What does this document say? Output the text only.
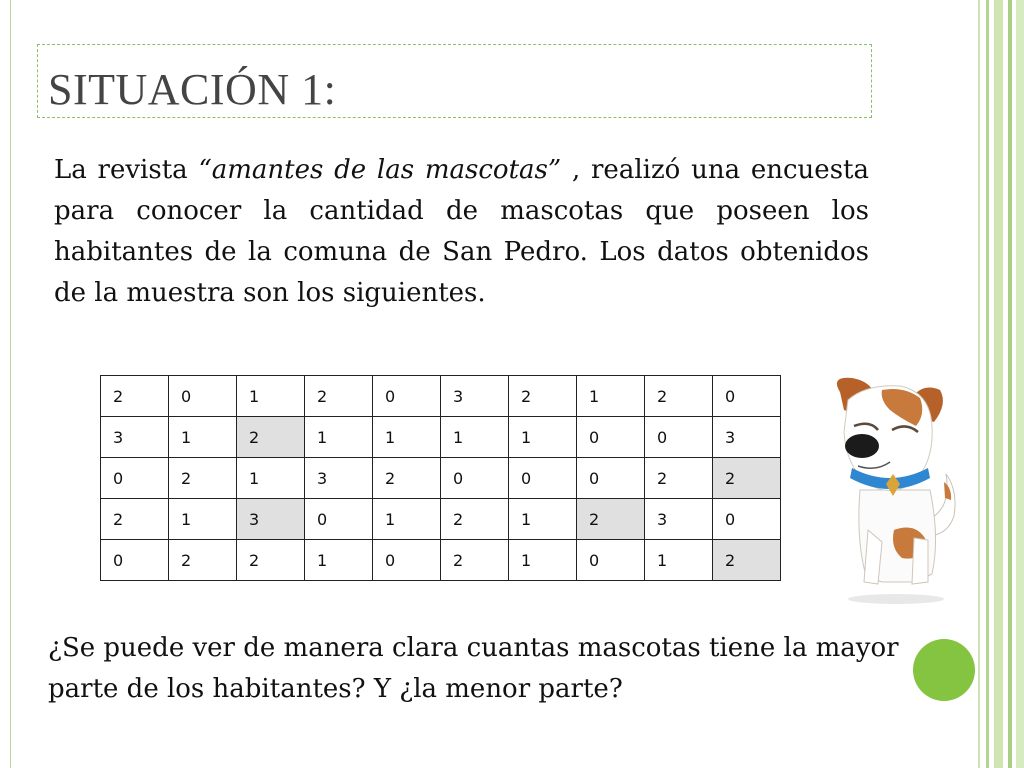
SITUACIÓN 1:

La revista “amantes de las mascotas” , realizó una encuesta para conocer la cantidad de mascotas que poseen los habitantes de la comuna de San Pedro. Los datos obtenidos de la muestra son los siguientes.

2	0	1	2	0	3	2	1	2	0
3	1	2	1	1	1	1	0	0	3
0	2	1	3	2	0	0	0	2	2
2	1	3	0	1	2	1	2	3	0
0	2	2	1	0	2	1	0	1	2

¿Se puede ver de manera clara cuantas mascotas tiene la mayor parte de los habitantes? Y ¿la menor parte?
